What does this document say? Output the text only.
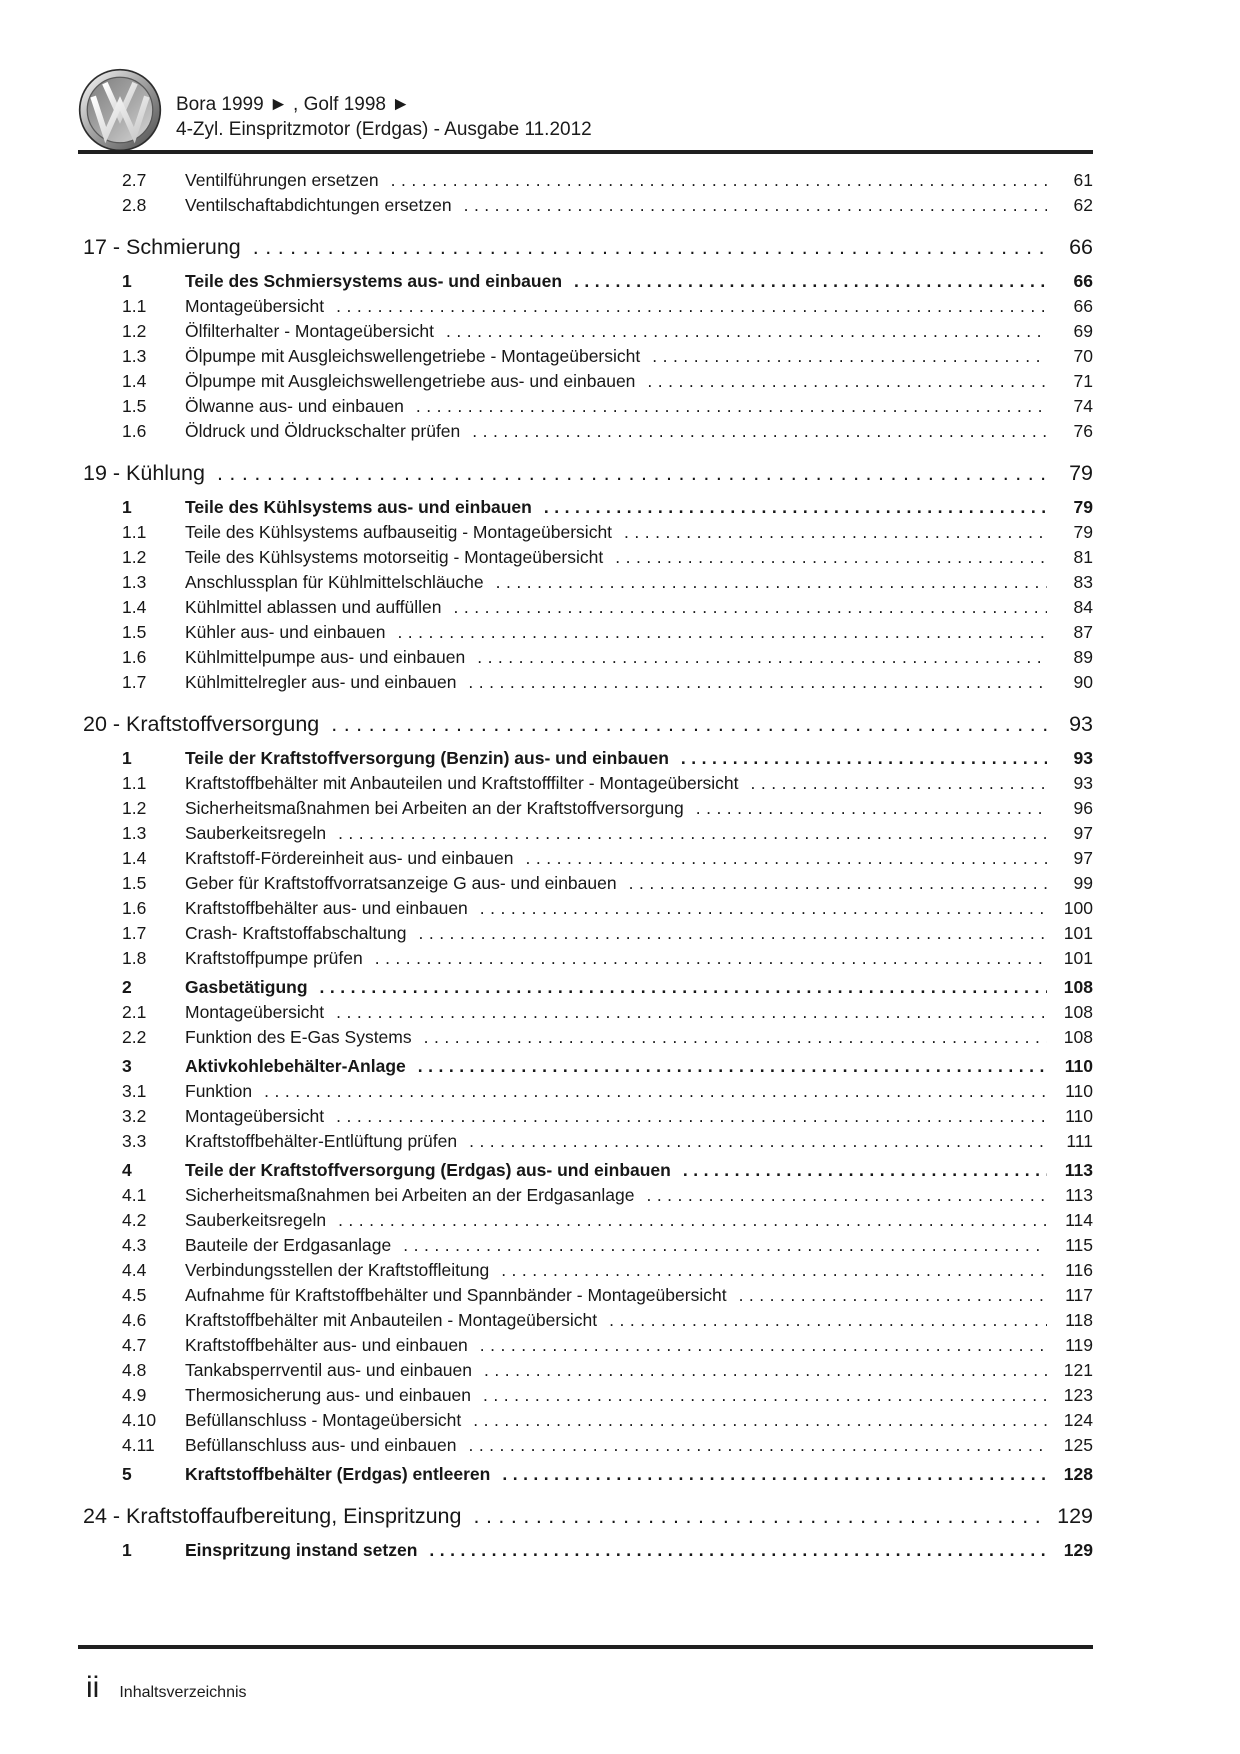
Bora 1999 ► , Golf 1998 ►
4-Zyl. Einspritzmotor (Erdgas) - Ausgabe 11.2012
2.7	Ventilführungen ersetzen .....	61
2.8	Ventilschaftabdichtungen ersetzen .....	62
17 - Schmierung .....	66
1	Teile des Schmiersystems aus- und einbauen .....	66
1.1	Montageübersicht .....	66
1.2	Ölfilterhalter - Montageübersicht .....	69
1.3	Ölpumpe mit Ausgleichswellengetriebe - Montageübersicht .....	70
1.4	Ölpumpe mit Ausgleichswellengetriebe aus- und einbauen .....	71
1.5	Ölwanne aus- und einbauen .....	74
1.6	Öldruck und Öldruckschalter prüfen .....	76
19 - Kühlung .....	79
1	Teile des Kühlsystems aus- und einbauen .....	79
1.1	Teile des Kühlsystems aufbauseitig - Montageübersicht .....	79
1.2	Teile des Kühlsystems motorseitig - Montageübersicht .....	81
1.3	Anschlussplan für Kühlmittelschläuche .....	83
1.4	Kühlmittel ablassen und auffüllen .....	84
1.5	Kühler aus- und einbauen .....	87
1.6	Kühlmittelpumpe aus- und einbauen .....	89
1.7	Kühlmittelregler aus- und einbauen .....	90
20 - Kraftstoffversorgung .....	93
1	Teile der Kraftstoffversorgung (Benzin) aus- und einbauen .....	93
1.1	Kraftstoffbehälter mit Anbauteilen und Kraftstofffilter - Montageübersicht .....	93
1.2	Sicherheitsmaßnahmen bei Arbeiten an der Kraftstoffversorgung .....	96
1.3	Sauberkeitsregeln .....	97
1.4	Kraftstoff-Fördereinheit aus- und einbauen .....	97
1.5	Geber für Kraftstoffvorratsanzeige G aus- und einbauen .....	99
1.6	Kraftstoffbehälter aus- und einbauen .....	100
1.7	Crash- Kraftstoffabschaltung .....	101
1.8	Kraftstoffpumpe prüfen .....	101
2	Gasbetätigung .....	108
2.1	Montageübersicht .....	108
2.2	Funktion des E-Gas Systems .....	108
3	Aktivkohlebehälter-Anlage .....	110
3.1	Funktion .....	110
3.2	Montageübersicht .....	110
3.3	Kraftstoffbehälter-Entlüftung prüfen .....	111
4	Teile der Kraftstoffversorgung (Erdgas) aus- und einbauen .....	113
4.1	Sicherheitsmaßnahmen bei Arbeiten an der Erdgasanlage .....	113
4.2	Sauberkeitsregeln .....	114
4.3	Bauteile der Erdgasanlage .....	115
4.4	Verbindungsstellen der Kraftstoffleitung .....	116
4.5	Aufnahme für Kraftstoffbehälter und Spannbänder - Montageübersicht .....	117
4.6	Kraftstoffbehälter mit Anbauteilen - Montageübersicht .....	118
4.7	Kraftstoffbehälter aus- und einbauen .....	119
4.8	Tankabsperrventil aus- und einbauen .....	121
4.9	Thermosicherung aus- und einbauen .....	123
4.10	Befüllanschluss - Montageübersicht .....	124
4.11	Befüllanschluss aus- und einbauen .....	125
5	Kraftstoffbehälter (Erdgas) entleeren .....	128
24 - Kraftstoffaufbereitung, Einspritzung .....	129
1	Einspritzung instand setzen .....	129
ii Inhaltsverzeichnis
